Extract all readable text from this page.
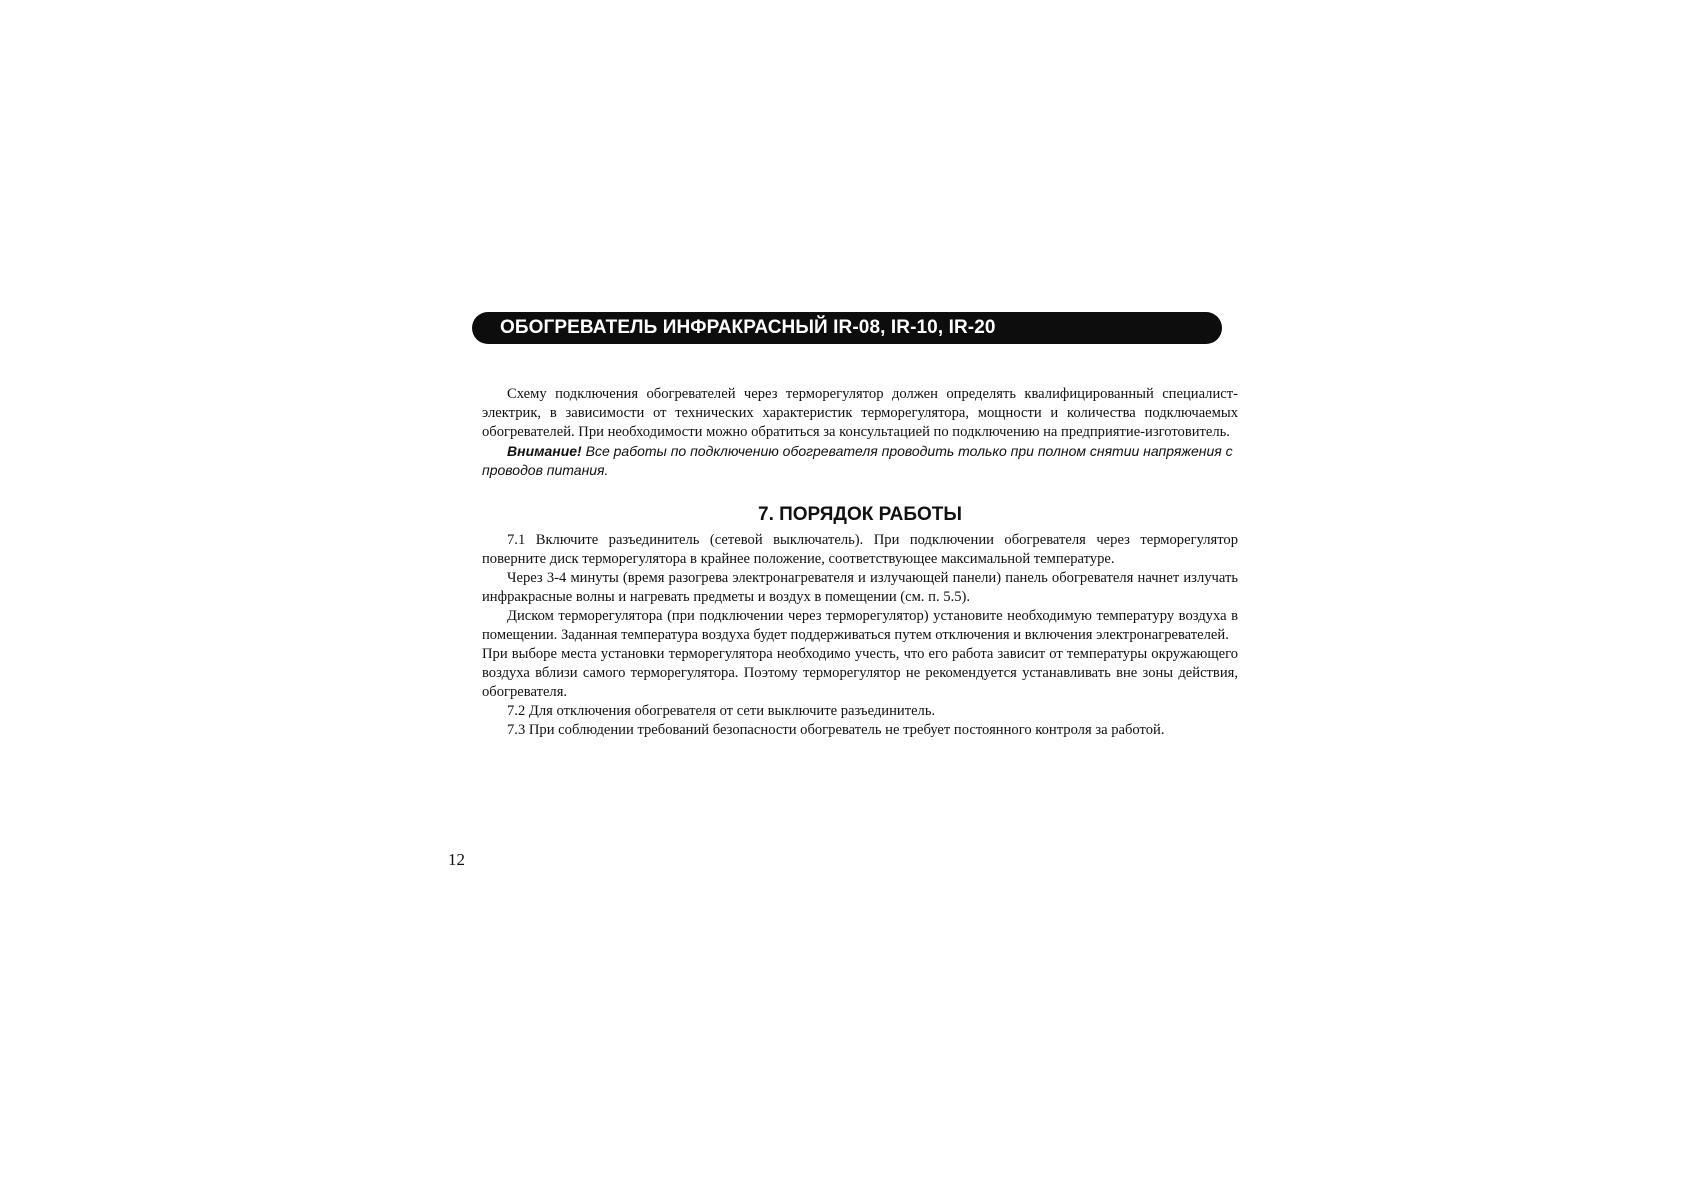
ОБОГРЕВАТЕЛЬ ИНФРАКРАСНЫЙ IR-08, IR-10, IR-20

Схему подключения обогревателей через терморегулятор должен определять квалифицированный специалист-электрик, в зависимости от технических характеристик терморегулятора, мощности и количества подключаемых обогревателей. При необходимости можно обратиться за консультацией по подключению на предприятие-изготовитель.

Внимание! Все работы по подключению обогревателя проводить только при полном снятии напряжения с проводов питания.

7. ПОРЯДОК РАБОТЫ

7.1 Включите разъединитель (сетевой выключатель). При подключении обогревателя через терморегулятор поверните диск терморегулятора в крайнее положение, соответствующее максимальной температуре.

Через 3-4 минуты (время разогрева электронагревателя и излучающей панели) панель обогревателя начнет излучать инфракрасные волны и нагревать предметы и воздух в помещении (см. п. 5.5).

Диском терморегулятора (при подключении через терморегулятор) установите необходимую температуру воздуха в помещении. Заданная температура воздуха будет поддерживаться путем отключения и включения электронагревателей.

При выборе места установки терморегулятора необходимо учесть, что его работа зависит от температуры окружающего воздуха вблизи самого терморегулятора. Поэтому терморегулятор не рекомендуется устанавливать вне зоны действия, обогревателя.

7.2 Для отключения обогревателя от сети выключите разъединитель.

7.3 При соблюдении требований безопасности обогреватель не требует постоянного контроля за работой.

12
